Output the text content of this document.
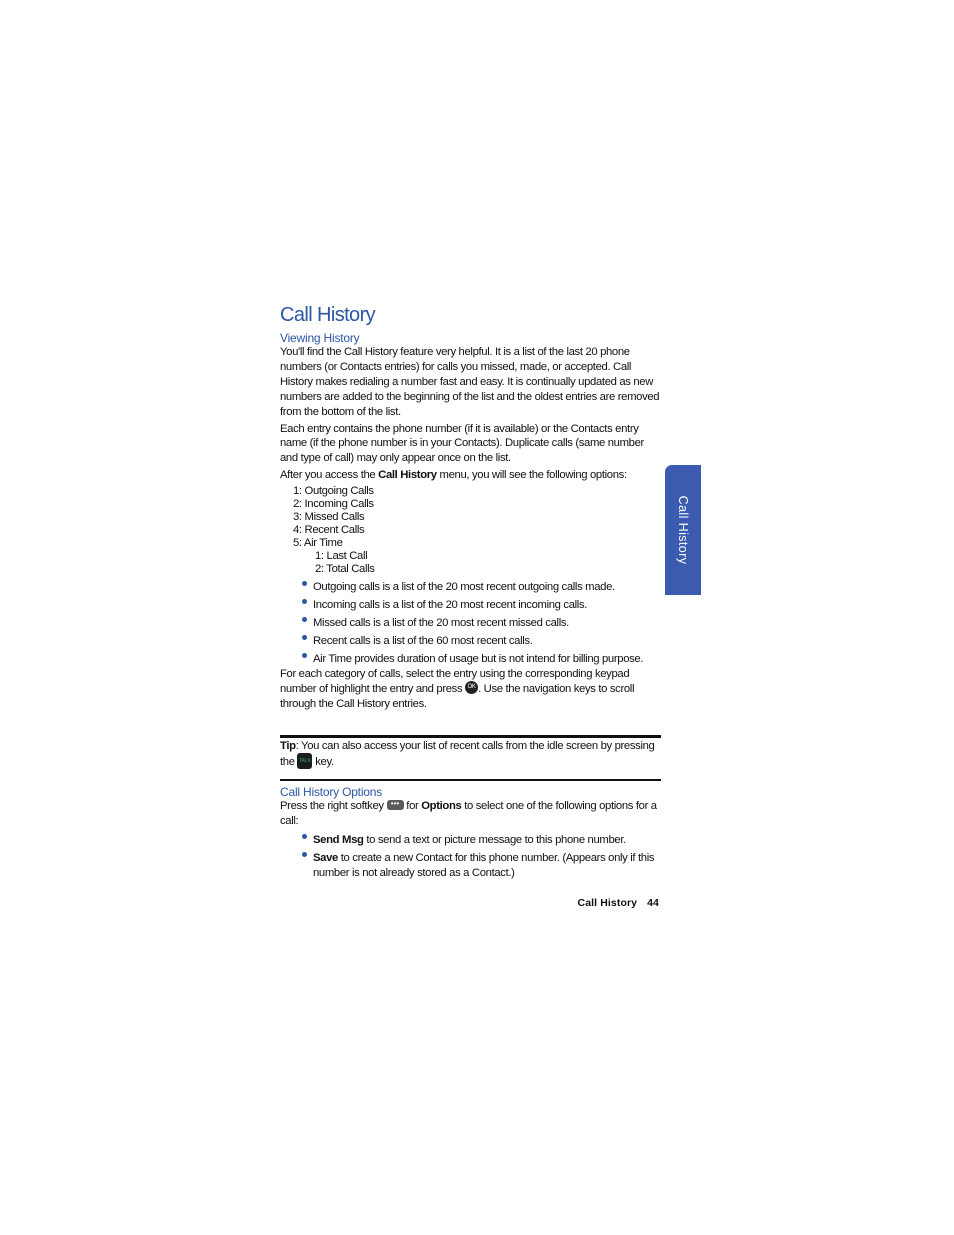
Call History
Viewing History

You'll find the Call History feature very helpful. It is a list of the last 20 phone numbers (or Contacts entries) for calls you missed, made, or accepted. Call History makes redialing a number fast and easy. It is continually updated as new numbers are added to the beginning of the list and the oldest entries are removed from the bottom of the list.

Each entry contains the phone number (if it is available) or the Contacts entry name (if the phone number is in your Contacts). Duplicate calls (same number and type of call) may only appear once on the list.

After you access the Call History menu, you will see the following options:

1: Outgoing Calls
2: Incoming Calls
3: Missed Calls
4: Recent Calls
5: Air Time
1: Last Call
2: Total Calls
Outgoing calls is a list of the 20 most recent outgoing calls made.
Incoming calls is a list of the 20 most recent incoming calls.
Missed calls is a list of the 20 most recent missed calls.
Recent calls is a list of the 60 most recent calls.
Air Time provides duration of usage but is not intend for billing purpose.

For each category of calls, select the entry using the corresponding keypad number of highlight the entry and press OK . Use the navigation keys to scroll through the Call History entries.

Tip: You can also access your list of recent calls from the idle screen by pressing the TALK key.
Call History Options

Press the right softkey ••• for Options to select one of the following options for a call:

Send Msg to send a text or picture message to this phone number.
Save to create a new Contact for this phone number. (Appears only if this number is not already stored as a Contact.)
Call History
Call History 44
